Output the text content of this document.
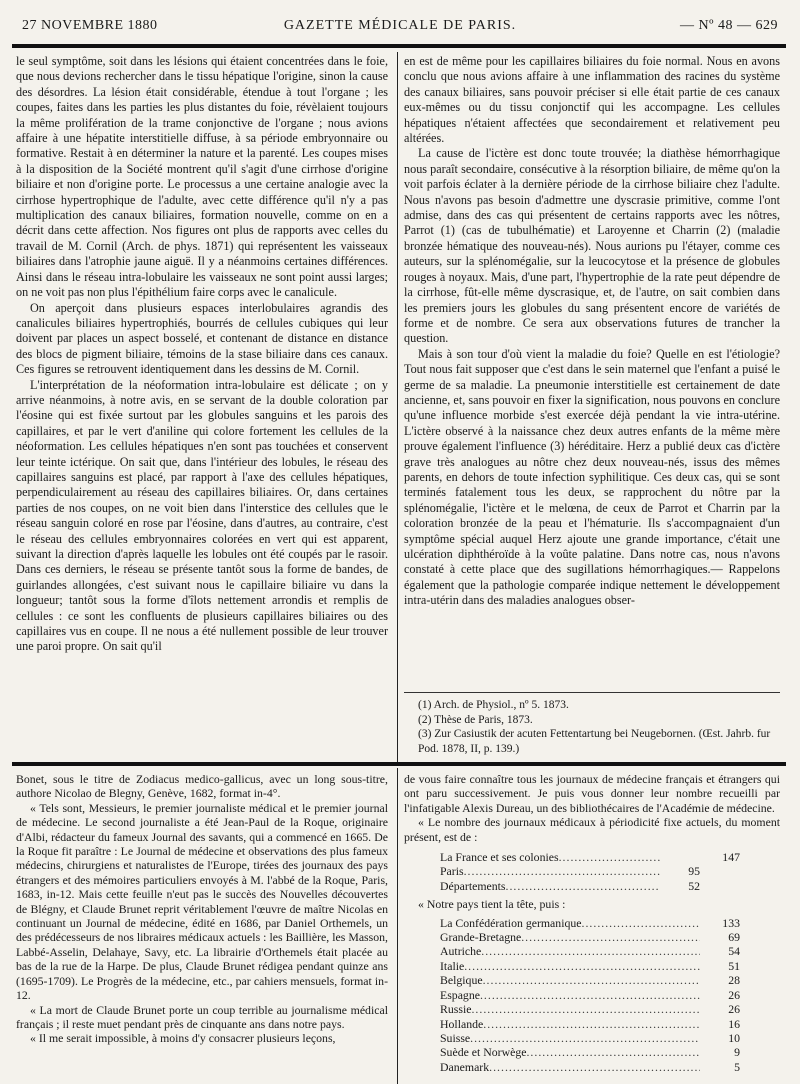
27 NOVEMBRE 1880	GAZETTE MÉDICALE DE PARIS.	— Nº 48 — 629

le seul symptôme, soit dans les lésions qui étaient concentrées dans le foie, que nous devions rechercher dans le tissu hépatique l'origine, sinon la cause des désordres. La lésion était considérable, étendue à tout l'organe ; les coupes, faites dans les parties les plus distantes du foie, révèlaient toujours la même prolifération de la trame conjonctive de l'organe ; nous avions affaire à une hépatite interstitielle diffuse, à sa période embryonnaire ou formative. Restait à en déterminer la nature et la parenté. Les coupes mises à la disposition de la Société montrent qu'il s'agit d'une cirrhose d'origine biliaire et non d'origine porte. Le processus a une certaine analogie avec la cirrhose hypertrophique de l'adulte, avec cette différence qu'il n'y a pas multiplication des canaux biliaires, formation nouvelle, comme on en a décrit dans cette affection. Nos figures ont plus de rapports avec celles du travail de M. Cornil (Arch. de phys. 1871) qui représentent les vaisseaux biliaires dans l'atrophie jaune aiguë. Il y a néanmoins certaines différences. Ainsi dans le réseau intra-lobulaire les vaisseaux ne sont point aussi larges; on ne voit pas non plus l'épithélium faire corps avec le canalicule.

On aperçoit dans plusieurs espaces interlobulaires agrandis des canalicules biliaires hypertrophiés, bourrés de cellules cubiques qui leur doivent par places un aspect bosselé, et contenant de distance en distance des blocs de pigment biliaire, témoins de la stase biliaire dans ces canaux. Ces figures se retrouvent identiquement dans les dessins de M. Cornil.

L'interprétation de la néoformation intra-lobulaire est délicate ; on y arrive néanmoins, à notre avis, en se servant de la double coloration par l'éosine qui est fixée surtout par les globules sanguins et les parois des capillaires, et par le vert d'aniline qui colore fortement les cellules de la néoformation. Les cellules hépatiques n'en sont pas touchées et conservent leur teinte ictérique. On sait que, dans l'intérieur des lobules, le réseau des capillaires sanguins est placé, par rapport à l'axe des cellules hépatiques, perpendiculairement au réseau des capillaires biliaires. Or, dans certaines parties de nos coupes, on ne voit bien dans l'interstice des cellules que le réseau sanguin coloré en rose par l'éosine, dans d'autres, au contraire, c'est le réseau des cellules embryonnaires colorées en vert qui est apparent, suivant la direction d'après laquelle les lobules ont été coupés par le rasoir. Dans ces derniers, le réseau se présente tantôt sous la forme de bandes, de guirlandes allongées, c'est suivant nous le capillaire biliaire vu dans la longueur; tantôt sous la forme d'îlots nettement arrondis et remplis de cellules : ce sont les confluents de plusieurs capillaires biliaires ou des capillaires vus en coupe. Il ne nous a été nullement possible de leur trouver une paroi propre. On sait qu'il

en est de même pour les capillaires biliaires du foie normal. Nous en avons conclu que nous avions affaire à une inflammation des racines du système des canaux biliaires, sans pouvoir préciser si elle était partie de ces canaux eux-mêmes ou du tissu conjonctif qui les accompagne. Les cellules hépatiques n'étaient affectées que secondairement et relativement peu altérées.

La cause de l'ictère est donc toute trouvée; la diathèse hémorrhagique nous paraît secondaire, consécutive à la résorption biliaire, de même qu'on la voit parfois éclater à la dernière période de la cirrhose biliaire chez l'adulte. Nous n'avons pas besoin d'admettre une dyscrasie primitive, comme l'ont admise, dans des cas qui présentent de certains rapports avec les nôtres, Parrot (1) (cas de tubulhématie) et Laroyenne et Charrin (2) (maladie bronzée hématique des nouveau-nés). Nous aurions pu l'étayer, comme ces auteurs, sur la splénomégalie, sur la leucocytose et la présence de globules rouges à noyaux. Mais, d'une part, l'hypertrophie de la rate peut dépendre de la cirrhose, fût-elle même dyscrasique, et, de l'autre, on sait combien dans les premiers jours les globules du sang présentent encore de variétés de forme et de nombre. Ce sera aux observations futures de trancher la question.

Mais à son tour d'où vient la maladie du foie? Quelle en est l'étiologie? Tout nous fait supposer que c'est dans le sein maternel que l'enfant a puisé le germe de sa maladie. La pneumonie interstitielle est certainement de date ancienne, et, sans pouvoir en fixer la signification, nous pouvons en conclure qu'une influence morbide s'est exercée déjà pendant la vie intra-utérine. L'ictère observé à la naissance chez deux autres enfants de la même mère prouve également l'influence (3) héréditaire. Herz a publié deux cas d'ictère grave très analogues au nôtre chez deux nouveau-nés, issus des mêmes parents, en dehors de toute infection syphilitique. Ces deux cas, qui se sont terminés fatalement tous les deux, se rapprochent du nôtre par la splénomégalie, l'ictère et le melœna, de ceux de Parrot et Charrin par la coloration bronzée de la peau et l'hématurie. Ils s'accompagnaient d'un symptôme spécial auquel Herz ajoute une grande importance, c'était une ulcération diphthéroïde à la voûte palatine. Dans notre cas, nous n'avons constaté à cette place que des sugillations hémorrhagiques.— Rappelons également que la pathologie comparée indique nettement le développement intra-utérin dans des maladies analogues obser-

(1) Arch. de Physiol., nº 5. 1873.
(2) Thèse de Paris, 1873.
(3) Zur Casiustik der acuten Fettentartung bei Neugebornen. (Œst. Jahrb. fur Pod. 1878, II, p. 139.)

Bonet, sous le titre de Zodiacus medico-gallicus, avec un long sous-titre, authore Nicolao de Blegny, Genève, 1682, format in-4°.

« Tels sont, Messieurs, le premier journaliste médical et le premier journal de médecine. Le second journaliste a été Jean-Paul de la Roque, originaire d'Albi, rédacteur du fameux Journal des savants, qui a commencé en 1665. De la Roque fit paraître : Le Journal de médecine et observations des plus fameux médecins, chirurgiens et naturalistes de l'Europe, tirées des journaux des pays étrangers et des mémoires particuliers envoyés à M. l'abbé de la Roque, Paris, 1683, in-12. Mais cette feuille n'eut pas le succès des Nouvelles découvertes de Blégny, et Claude Brunet reprit véritablement l'œuvre de maître Nicolas en continuant un Journal de médecine, édité en 1686, par Daniel Orthemels, un des prédécesseurs de nos libraires médicaux actuels : les Baillière, les Masson, Labbé-Asselin, Delahaye, Savy, etc. La librairie d'Orthemels était placée au bas de la rue de la Harpe. De plus, Claude Brunet rédigea pendant quinze ans (1695-1709). Le Progrès de la médecine, etc., par cahiers mensuels, format in-12.

« La mort de Claude Brunet porte un coup terrible au journalisme médical français ; il reste muet pendant près de cinquante ans dans notre pays.

« Il me serait impossible, à moins d'y consacrer plusieurs leçons,

de vous faire connaître tous les journaux de médecine français et étrangers qui ont paru successivement. Je puis vous donner leur nombre recueilli par l'infatigable Alexis Dureau, un des bibliothécaires de l'Académie de médecine.

« Le nombre des journaux médicaux à périodicité fixe actuels, du moment présent, est de :

La France et ses colonies .....	147
Paris .....	95
Départements .....	52

« Notre pays tient la tête, puis :

La Confédération germanique .....	133
Grande-Bretagne .....	69
Autriche .....	54
Italie .....	51
Belgique .....	28
Espagne .....	26
Russie .....	26
Hollande .....	16
Suisse .....	10
Suède et Norwège .....	9
Danemark .....	5
